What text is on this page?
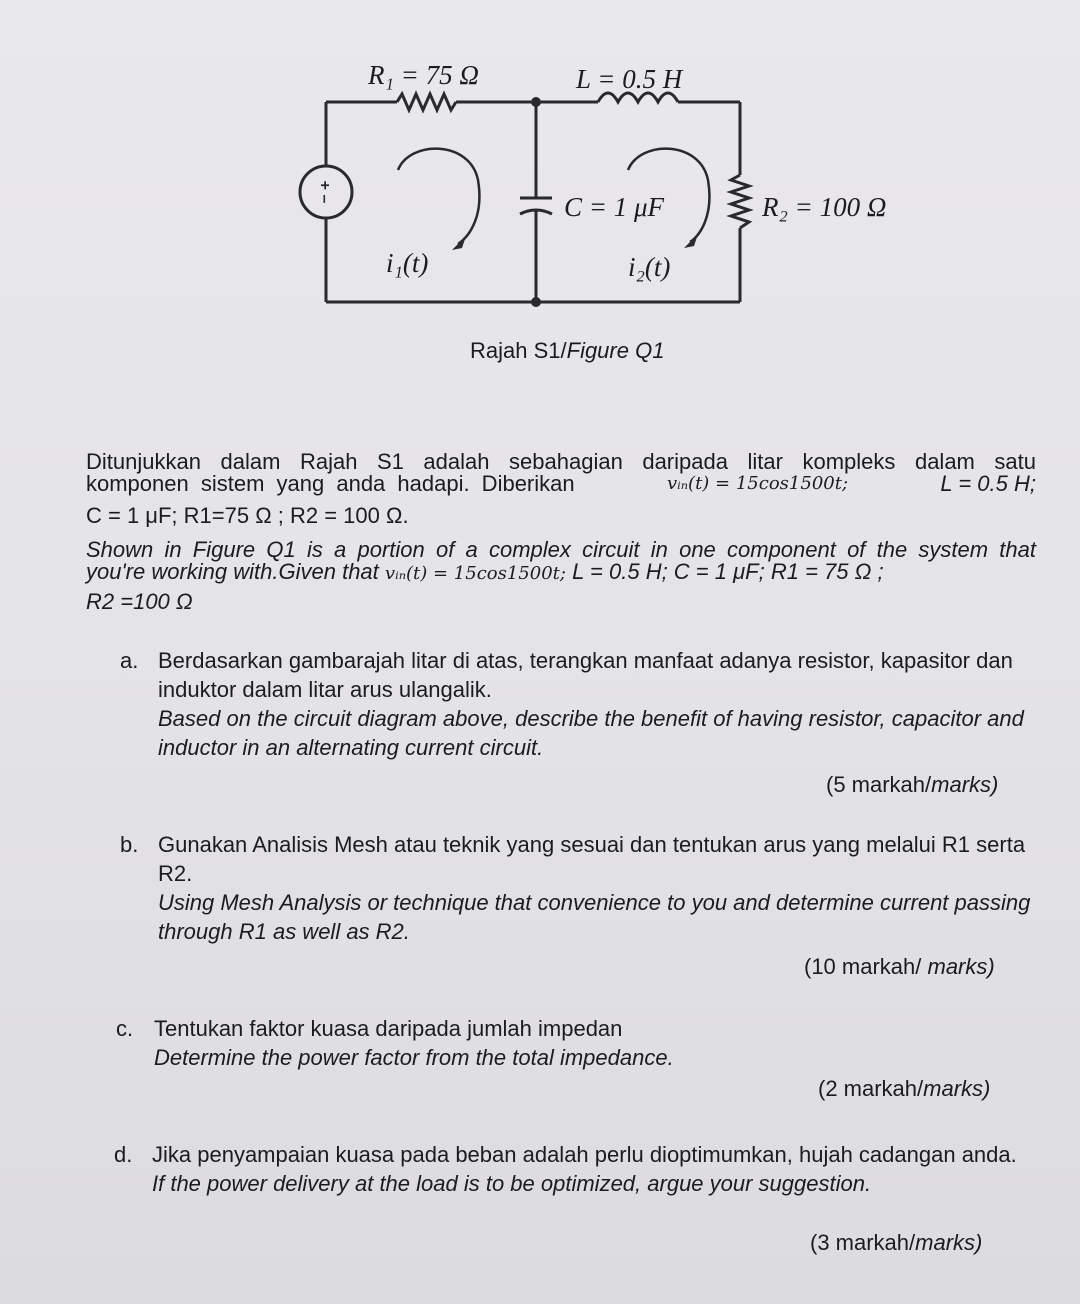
+ –
R₁ = 75 Ω	L = 0.5 H
C = 1 μF	R₂ = 100 Ω
i₁(t)	i₂(t)
Rajah S1/Figure Q1
Ditunjukkan dalam Rajah S1 adalah sebahagian daripada litar kompleks dalam satu
komponen sistem yang anda hadapi. Diberikan	vᵢₙ(t) = 15cos1500t;	L = 0.5 H;
C = 1 μF; R1=75 Ω ; R2 = 100 Ω.
Shown in Figure Q1 is a portion of a complex circuit in one component of the system that
you're working with.Given that vᵢₙ(t) = 15cos1500t; L = 0.5 H; C = 1 μF; R1 = 75 Ω ;
R2 =100 Ω
a. Berdasarkan gambarajah litar di atas, terangkan manfaat adanya resistor, kapasitor dan induktor dalam litar arus ulangalik.

Based on the circuit diagram above, describe the benefit of having resistor, capacitor and inductor in an alternating current circuit.

(5 markah/marks)
b. Gunakan Analisis Mesh atau teknik yang sesuai dan tentukan arus yang melalui R1 serta R2.

Using Mesh Analysis or technique that convenience to you and determine current passing through R1 as well as R2.

(10 markah/ marks)
c. Tentukan faktor kuasa daripada jumlah impedan

Determine the power factor from the total impedance.

(2 markah/marks)
d. Jika penyampaian kuasa pada beban adalah perlu dioptimumkan, hujah cadangan anda.

If the power delivery at the load is to be optimized, argue your suggestion.

(3 markah/marks)
